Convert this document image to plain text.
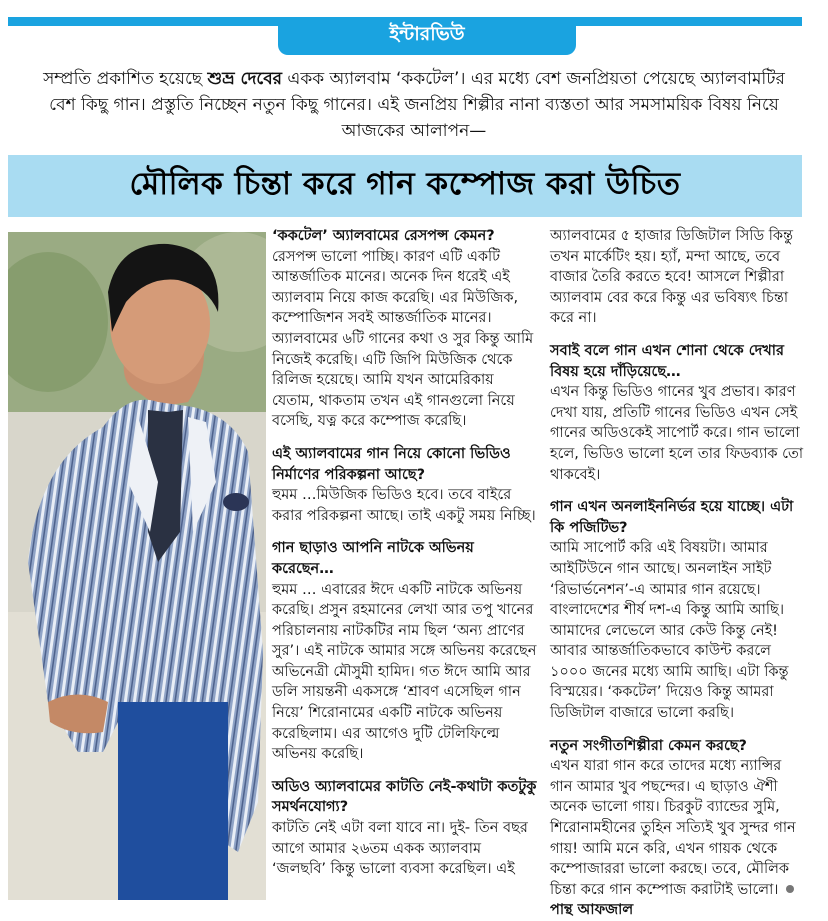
ইন্টারভিউ
সম্প্রতি প্রকাশিত হয়েছে শুভ্র দেবের একক অ্যালবাম ‘ককটেল’। এর মধ্যে বেশ জনপ্রিয়তা পেয়েছে অ্যালবামটির বেশ কিছু গান। প্রস্তুতি নিচ্ছেন নতুন কিছু গানের। এই জনপ্রিয় শিল্পীর নানা ব্যস্ততা আর সমসাময়িক বিষয় নিয়ে আজকের আলাপন—
মৌলিক চিন্তা করে গান কম্পোজ করা উচিত

‘ককটেল’ অ্যালবামের রেসপন্স কেমন?

রেসপন্স ভালো পাচ্ছি। কারণ এটি একটি আন্তর্জাতিক মানের। অনেক দিন ধরেই এই অ্যালবাম নিয়ে কাজ করেছি। এর মিউজিক, কম্পোজিশন সবই আন্তর্জাতিক মানের। অ্যালবামের ৬টি গানের কথা ও সুর কিন্তু আমি নিজেই করেছি। এটি জিপি মিউজিক থেকে রিলিজ হয়েছে। আমি যখন আমেরিকায় যেতাম, থাকতাম তখন এই গানগুলো নিয়ে বসেছি, যত্ন করে কম্পোজ করেছি।

এই অ্যালবামের গান নিয়ে কোনো ভিডিও নির্মাণের পরিকল্পনা আছে?

হুমম …মিউজিক ভিডিও হবে। তবে বাইরে করার পরিকল্পনা আছে। তাই একটু সময় নিচ্ছি।

গান ছাড়াও আপনি নাটকে অভিনয় করেছেন…

হুমম … এবারের ঈদে একটি নাটকে অভিনয় করেছি। প্রসুন রহমানের লেখা আর তপু খানের পরিচালনায় নাটকটির নাম ছিল ‘অন্য প্রাণের সুর’। এই নাটকে আমার সঙ্গে অভিনয় করেছেন অভিনেত্রী মৌসুমী হামিদ। গত ঈদে আমি আর ডলি সায়ন্তনী একসঙ্গে ‘শ্রাবণ এসেছিল গান নিয়ে’ শিরোনামের একটি নাটকে অভিনয় করেছিলাম। এর আগেও দুটি টেলিফিল্মে অভিনয় করেছি।

অডিও অ্যালবামের কাটতি নেই-কথাটা কতটুকু সমর্থনযোগ্য?

কাটতি নেই এটা বলা যাবে না। দুই- তিন বছর আগে আমার ২৬তম একক অ্যালবাম ‘জলছবি’ কিন্তু ভালো ব্যবসা করেছিল। এই

অ্যালবামের ৫ হাজার ডিজিটাল সিডি কিন্তু তখন মার্কেটিং হয়। হ্যাঁ, মন্দা আছে, তবে বাজার তৈরি করতে হবে! আসলে শিল্পীরা অ্যালবাম বের করে কিন্তু এর ভবিষ্যৎ চিন্তা করে না।

সবাই বলে গান এখন শোনা থেকে দেখার বিষয় হয়ে দাঁড়িয়েছে…

এখন কিন্তু ভিডিও গানের খুব প্রভাব। কারণ দেখা যায়, প্রতিটি গানের ভিডিও এখন সেই গানের অডিওকেই সাপোর্ট করে। গান ভালো হলে, ভিডিও ভালো হলে তার ফিডব্যাক তো থাকবেই।

গান এখন অনলাইননির্ভর হয়ে যাচ্ছে। এটা কি পজিটিভ?

আমি সাপোর্ট করি এই বিষয়টা। আমার আইটিউনে গান আছে। অনলাইন সাইট ‘রিভার্ভনেশন’-এ আমার গান রয়েছে। বাংলাদেশের শীর্ষ দশ-এ কিন্তু আমি আছি। আমাদের লেভেলে আর কেউ কিন্তু নেই! আবার আন্তর্জাতিকভাবে কাউন্ট করলে ১০০০ জনের মধ্যে আমি আছি। এটা কিন্তু বিস্ময়ের। ‘ককটেল’ দিয়েও কিন্তু আমরা ডিজিটাল বাজারে ভালো করছি।

নতুন সংগীতশিল্পীরা কেমন করছে?

এখন যারা গান করে তাদের মধ্যে ন্যান্সির গান আমার খুব পছন্দের। এ ছাড়াও ঐশী অনেক ভালো গায়। চিরকুট ব্যান্ডের সুমি, শিরোনামহীনের তুহিন সত্যিই খুব সুন্দর গান গায়! আমি মনে করি, এখন গায়ক থেকে কম্পোজাররা ভালো করছে। তবে, মৌলিক চিন্তা করে গান কম্পোজ করাটাই ভালো।পান্থ আফজাল
